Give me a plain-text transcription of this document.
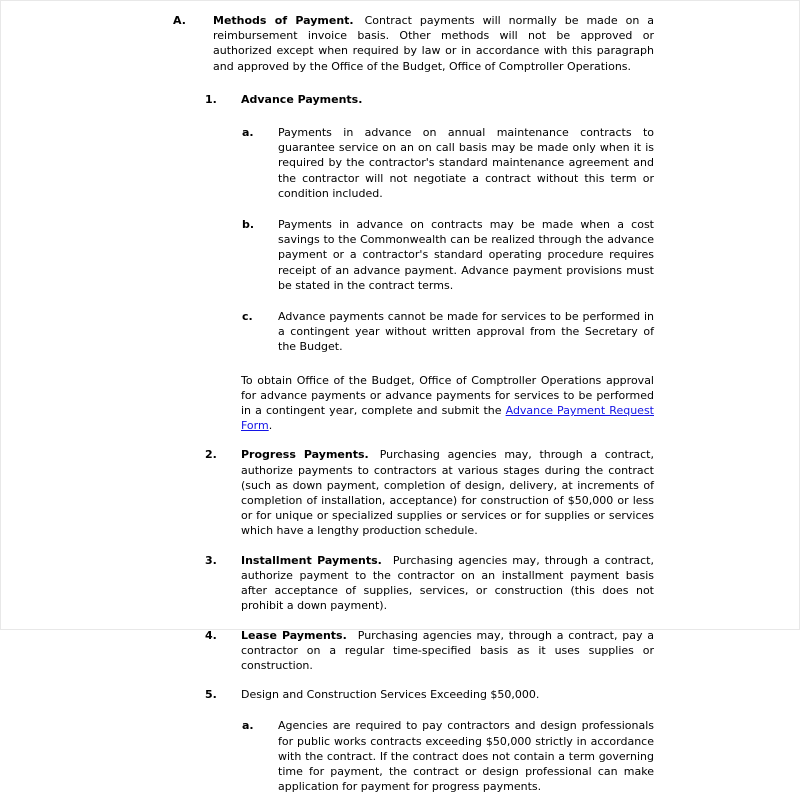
A.	Methods of Payment. Contract payments will normally be made on a reimbursement invoice basis. Other methods will not be approved or authorized except when required by law or in accordance with this paragraph and approved by the Office of the Budget, Office of Comptroller Operations.
1.	Advance Payments.
a.	Payments in advance on annual maintenance contracts to guarantee service on an on call basis may be made only when it is required by the contractor's standard maintenance agreement and the contractor will not negotiate a contract without this term or condition included.
b.	Payments in advance on contracts may be made when a cost savings to the Commonwealth can be realized through the advance payment or a contractor's standard operating procedure requires receipt of an advance payment. Advance payment provisions must be stated in the contract terms.
c.	Advance payments cannot be made for services to be performed in a contingent year without written approval from the Secretary of the Budget.
To obtain Office of the Budget, Office of Comptroller Operations approval for advance payments or advance payments for services to be performed in a contingent year, complete and submit the Advance Payment Request Form.
2.	Progress Payments. Purchasing agencies may, through a contract, authorize payments to contractors at various stages during the contract (such as down payment, completion of design, delivery, at increments of completion of installation, acceptance) for construction of $50,000 or less or for unique or specialized supplies or services or for supplies or services which have a lengthy production schedule.
3.	Installment Payments. Purchasing agencies may, through a contract, authorize payment to the contractor on an installment payment basis after acceptance of supplies, services, or construction (this does not prohibit a down payment).
4.	Lease Payments. Purchasing agencies may, through a contract, pay a contractor on a regular time-specified basis as it uses supplies or construction.
5.	Design and Construction Services Exceeding $50,000.
a.	Agencies are required to pay contractors and design professionals for public works contracts exceeding $50,000 strictly in accordance with the contract. If the contract does not contain a term governing time for payment, the contract or design professional can make application for payment for progress payments.
